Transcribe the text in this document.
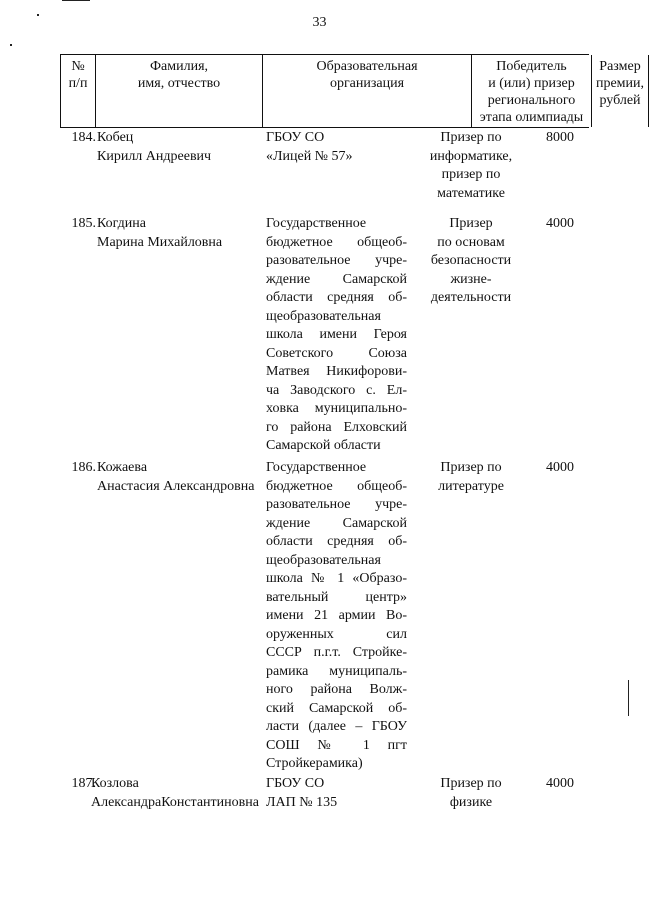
33
№
п/п
Фамилия,
имя, отчество
Образовательная
организация
Победитель
и (или) призер
регионального
этапа олимпиады
Размер
премии,
рублей
184. Кобец
Кирилл Андреевич
ГБОУ СО
«Лицей № 57»
Призер по
информатике,
призер по
математике
8000
185. Когдина
Марина Михайловна
Государственное
бюджетное общеоб-
разовательное учре-
ждение Самарской
области средняя об-
щеобразовательная
школа имени Героя
Советского Союза
Матвея Никифорови-
ча Заводского с. Ел-
ховка муниципально-
го района Елховский
Самарской области
Призер
по основам
безопасности
жизне-
деятельности
4000
186. Кожаева
Анастасия Александровна
Государственное
бюджетное общеоб-
разовательное учре-
ждение Самарской
области средняя об-
щеобразовательная
школа № 1 «Образо-
вательный центр»
имени 21 армии Во-
оруженных сил
СССР п.г.т. Стройке-
рамика муниципаль-
ного района Волж-
ский Самарской об-
ласти (далее – ГБОУ
СОШ № 1 пгт
Стройкерамика)
Призер по
литературе
4000
187.
Козлова
АлександраКонстантиновна
ГБОУ СО
ЛАП № 135
Призер по
физике
4000
